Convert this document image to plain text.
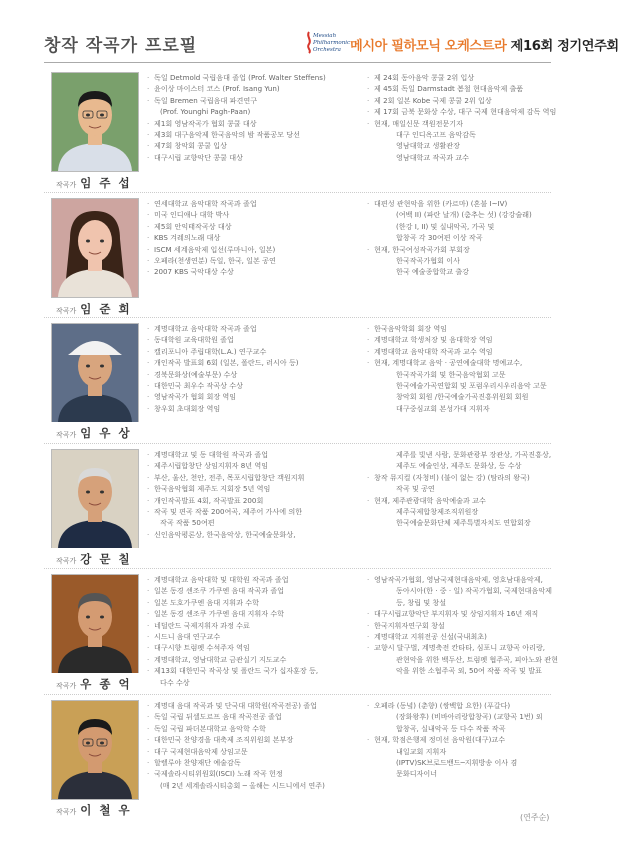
창작 작곡가 프로필	Messiah
Philharmonic
Orchestra 메시아 필하모닉 오케스트라 제16회 정기연주회
작곡가 임 주 섭
· 독일 Detmold 국립음대 졸업 (Prof. Walter Steffens)
· 윤이상 마이스터 코스 (Prof. Isang Yun)
· 독일 Bremen 국립음대 파견연구
(Prof. Younghi Pagh-Paan)
· 제1회 영남작곡가 협회 콩쿨 대상
· 제3회 대구음악제 한국음악의 밤 작품공모 당선
· 제7회 창악회 콩쿨 입상
· 대구시립 교향악단 콩쿨 대상
· 제 24회 동아음악 콩쿨 2위 입상
· 제 45회 독일 Darmstadt 봄철 현대음악제 출품
· 제 2회 일본 Kobe 국제 콩쿨 2위 입상
· 제 17회 금북 문화상 수상, 대구 국제 현대음악제 감독 역임
· 현재, 매일신문 객원전문기자
대구 인디옥고프 음악감독
영남대학교 생활관장
영남대학교 작곡과 교수
작곡가 임 준 희
· 연세대학교 음악대학 작곡과 졸업
· 미국 인디애나 대학 박사
· 제5회 안익태작곡상 대상
· KBS 겨레의노래 대상
· ISCM 세계음악제 입선(루마니아, 일본)
· 오페라(천생연분) 독일, 한국, 일본 공연
· 2007 KBS 국악대상 수상
· 대편성 관현악을 위한 (카르마) (혼불 I~IV)
(여백 II) (파란 날개) (춤추는 섯) (강강술래)
(한강 I, II) 및 실내악곡, 가곡 및
합창곡 각 30여편 이상 작곡
· 현재, 한국여성작곡가회 부회장
한국작곡가협회 이사
한국 예술종합학교 출강
작곡가 임 우 상
· 계명대학교 음악대학 작곡과 졸업
· 동대학원 교육대학원 졸업
· 캘리포니아 주립대학(L.A.) 연구교수
· 개인작곡 발표회 6회 (일본, 폴란드, 러시아 등)
· 경북문화상(예술부문) 수상
· 대한민국 최우수 작곡상 수상
· 영남작곡가 협회 회장 역임
· 창우회 초대회장 역임
· 한국음악학회 회장 역임
· 계명대학교 학생처장 및 음대학장 역임
· 계명대학교 음악대학 작곡과 교수 역임
· 현재, 계명대학교 음악 · 공연예술대학 명예교수,
한국작곡가회 및 한국음악협회 고문
한국예술가곡연합회 및 포럼우리시우리음악 고문
창악회 회원 /한국예술가곡진흥위원회 회원
대구중심교회 본성가대 지휘자
작곡가 강 문 칠
· 계명대학교 및 동 대학원 작곡과 졸업
· 제주시립합창단 상임지휘자 8년 역임
· 부산, 울산, 천안, 전주, 목포시립합창단 객원지휘
· 한국음악협회 제주도 지회장 5년 역임
· 개인작곡발표 4회, 작곡발표 200회
· 작곡 및 편곡 작품 200여곡, 제주어 가사에 의한
작곡 작품 50여편
· 신인음악평론상, 한국음악상, 한국예술문화상,
제주를 빛낸 사람, 문화관광부 장관상, 가곡진흥상,
제주도 예술인상, 제주도 문화상, 등 수상
· 창작 뮤지컬 (자청비) (불이 없는 강) (탐라의 왕국)
작곡 및 공연
· 현재, 제주관광대학 음악예술과 교수
제주국제합창제조직위원장
한국예술문화단체 제주특별자치도 연합회장
작곡가 우 종 억
· 계명대학교 음악대학 및 대학원 작곡과 졸업
· 일본 동경 센조쿠 가쿠엔 음대 작곡과 졸업
· 일본 도호가쿠엔 음대 지휘과 수학
· 일본 동경 센조쿠 가쿠엔 음대 지휘자 수학
· 네덜란드 국제지휘자 과정 수료
· 시드니 음대 연구교수
· 대구시향 트럼펫 수석주자 역임
· 계명대학교, 영남대학교 금관실기 지도교수
· 제13회 대한민국 작곡상 및 폴란드 국가 십자훈장 등,
다수 수상
· 영남작곡가협회, 영남국제현대음악제, 영호남대음악제,
동아시아(한 · 중 · 일) 작곡가협회, 국제현대음악제
등, 창립 및 창설
· 대구시립교향악단 부지휘자 및 상임지휘자 16년 재직
· 한국지휘자연구회 창설
· 계명대학교 지휘전공 신설(국내최초)
· 교향시 달구벌, 계명축전 칸타타, 심포니 교향곡 아리랑,
관현악을 위한 백두산, 트럼펫 협주곡, 피아노와 관현
악을 위한 소협주곡 외, 50여 작품 작곡 및 발표
작곡가 이 철 우
· 계명대 음대 작곡과 및 단국대 대학원(작곡전공) 졸업
· 독일 국립 뒤셀도르프 음대 작곡전공 졸업
· 독일 국립 파더본대학교 음악학 수학
· 대한민국 찬양경을 대축제 조직위원회 본부장
· 대구 국제현대음악제 상임고문
· 할렐루야 찬양재단 예술감독
· 국제솔라시티위원회(ISCI) 노래 작곡 헌정
(매 2년 세계솔라시티총회 ─ 올해는 시드니에서 연주)
· 오페라 (동녘) (춘향) (쌍백합 요한) (푸갈다)
(장화왕후) (비바아리랑합창곡) (교향곡 1번) 외
합창곡, 실내악곡 등 다수 작품 작곡
· 현재, 학점은행제 정미선 음악원(대구)교수
내일교회 지휘자
(IPTV)SK브로드밴드─지휘방송 이사 겸
문화디자이너
(연주순)
